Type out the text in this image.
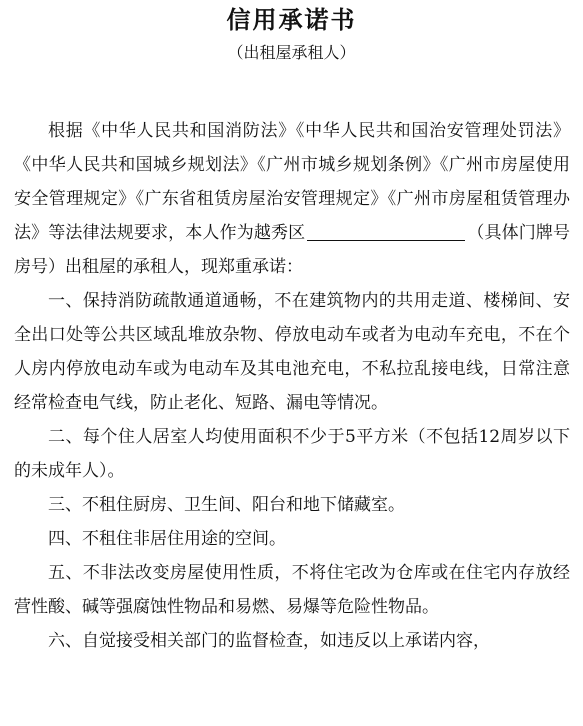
信用承诺书
（出租屋承租人）

根据《中华人民共和国消防法》《中华人民共和国治安管理处罚法》《中华人民共和国城乡规划法》《广州市城乡规划条例》《广州市房屋使用安全管理规定》《广东省租赁房屋治安管理规定》《广州市房屋租赁管理办法》等法律法规要求，本人作为越秀区	（具体门牌号房号）出租屋的承租人，现郑重承诺：

一、保持消防疏散通道通畅，不在建筑物内的共用走道、楼梯间、安全出口处等公共区域乱堆放杂物、停放电动车或者为电动车充电，不在个人房内停放电动车或为电动车及其电池充电，不私拉乱接电线，日常注意经常检查电气线，防止老化、短路、漏电等情况。

二、每个住人居室人均使用面积不少于5平方米（不包括12周岁以下的未成年人）。

三、不租住厨房、卫生间、阳台和地下储藏室。

四、不租住非居住用途的空间。

五、不非法改变房屋使用性质，不将住宅改为仓库或在住宅内存放经营性酸、碱等强腐蚀性物品和易燃、易爆等危险性物品。

六、自觉接受相关部门的监督检查，如违反以上承诺内容，
